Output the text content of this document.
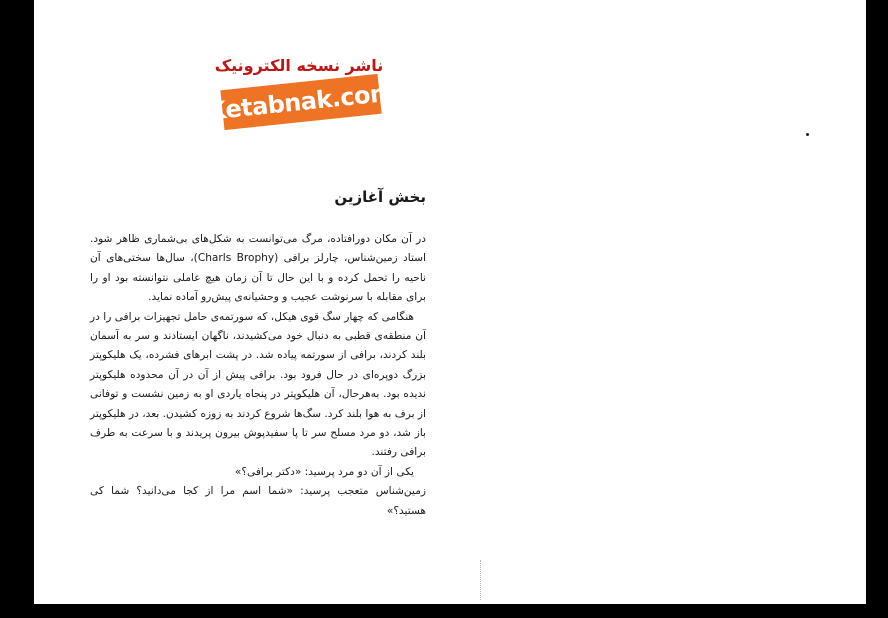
ناشر نسخه الکترونیک
Ketabnak.com
بخش آغازین

در آن مکان دورافتاده، مرگ می‌توانست به شکل‌های بی‌شماری ظاهر شود. استاد زمین‌شناس، چارلز برافی (Charls Brophy)، سال‌ها سختی‌های آن ناحیه را تحمل کرده و با این حال تا آن زمان هیچ عاملی نتوانسته بود او را برای مقابله با سرنوشت عجیب و وحشیانه‌ی پیش‌رو آماده نماید.

هنگامی که چهار سگ قوی هیکل، که سورتمه‌ی حامل تجهیزات برافی را در آن منطقه‌ی قطبی به دنبال خود می‌کشیدند، ناگهان ایستادند و سر به آسمان بلند کردند، برافی از سورتمه پیاده شد. در پشت ابرهای فشرده، یک هلیکوپتر بزرگ دوپره‌ای در حال فرود بود. برافی پیش از آن در آن محدوده هلیکوپتر ندیده بود. به‌هرحال، آن هلیکوپتر در پنجاه یاردی او به زمین نشست و توفانی از برف به هوا بلند کرد. سگ‌ها شروع کردند به زوزه کشیدن. بعد، در هلیکوپتر باز شد، دو مرد مسلح سر تا پا سفیدپوش بیرون پریدند و با سرعت به طرف برافی رفتند.

یکی از آن دو مرد پرسید: «دکتر برافی؟»

زمین‌شناس متعجب پرسید: «شما اسم مرا از کجا می‌دانید؟ شما کی هستید؟»
